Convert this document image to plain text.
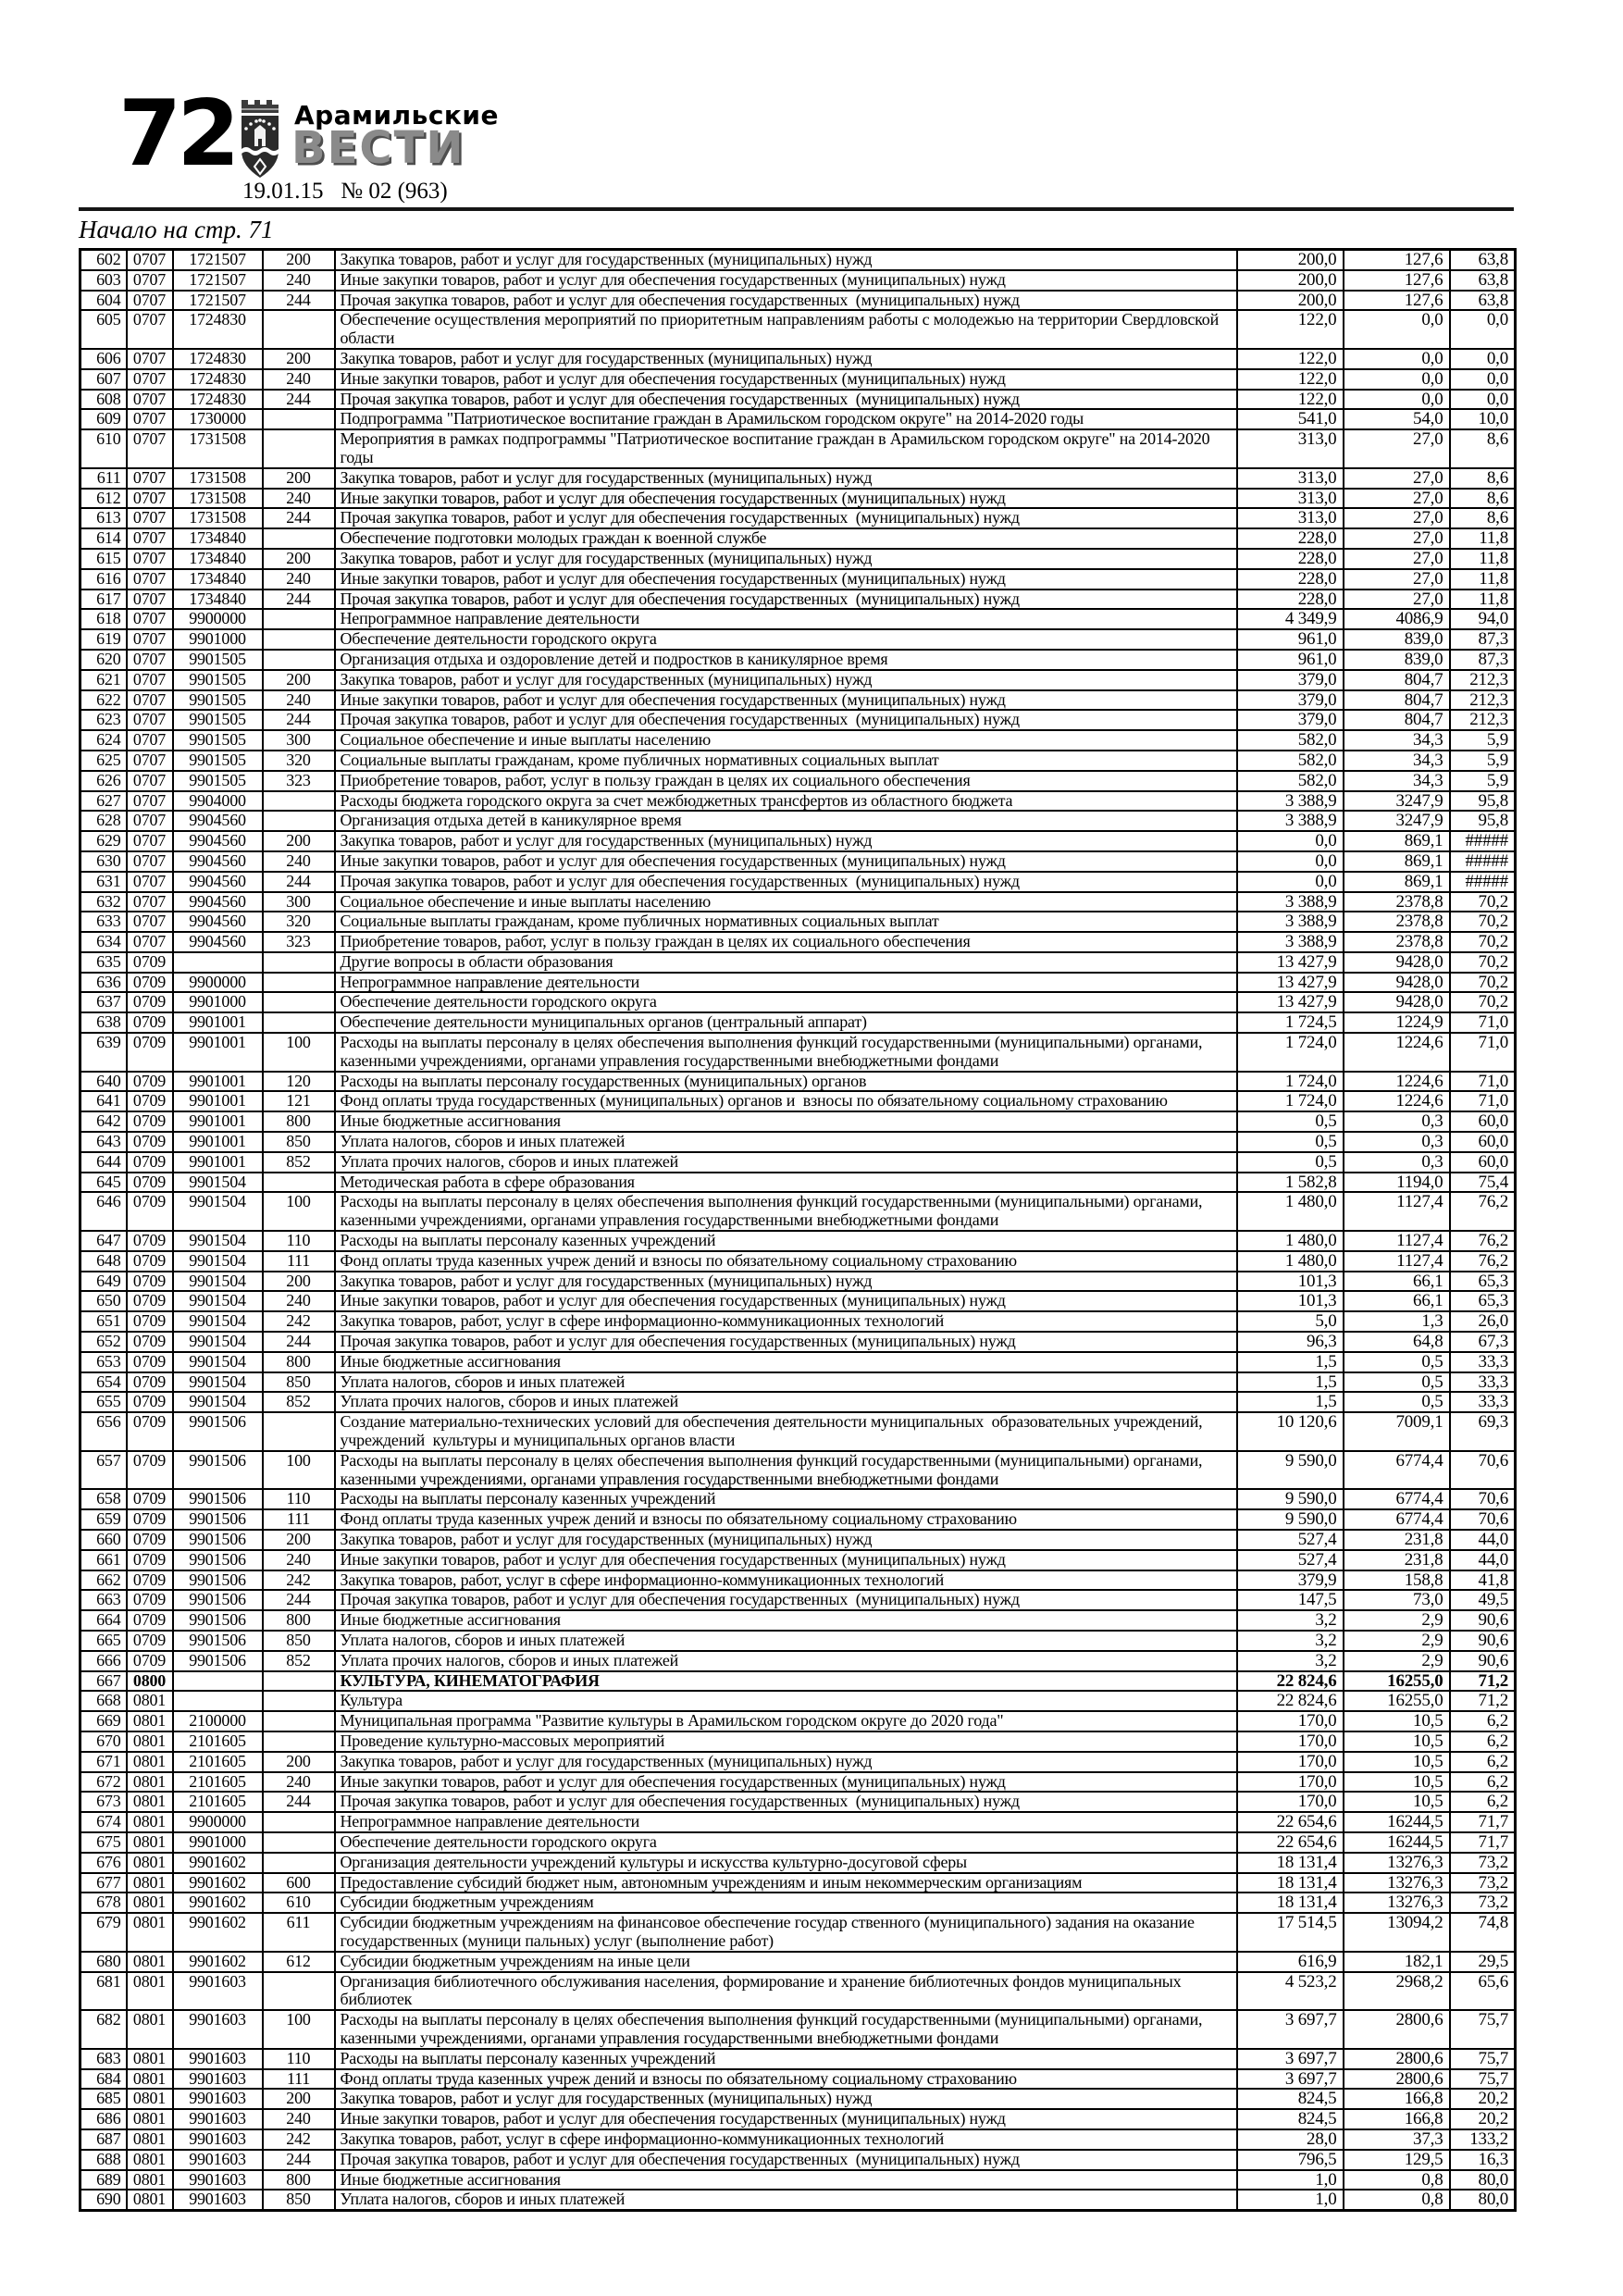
72 Арамильские
ВЕСТИ
19.01.15   № 02 (963)
Начало на стр. 71
602	0707	1721507	200	Закупка товаров, работ и услуг для государственных (муниципальных) нужд	200,0	127,6	63,8
603	0707	1721507	240	Иные закупки товаров, работ и услуг для обеспечения государственных (муниципальных) нужд	200,0	127,6	63,8
604	0707	1721507	244	Прочая закупка товаров, работ и услуг для обеспечения государственных  (муниципальных) нужд	200,0	127,6	63,8
605	0707	1724830		Обеспечение осуществления мероприятий по приоритетным направлениям работы с молодежью на территории Свердловской области	122,0	0,0	0,0
606	0707	1724830	200	Закупка товаров, работ и услуг для государственных (муниципальных) нужд	122,0	0,0	0,0
607	0707	1724830	240	Иные закупки товаров, работ и услуг для обеспечения государственных (муниципальных) нужд	122,0	0,0	0,0
608	0707	1724830	244	Прочая закупка товаров, работ и услуг для обеспечения государственных  (муниципальных) нужд	122,0	0,0	0,0
609	0707	1730000		Подпрограмма "Патриотическое воспитание граждан в Арамильском городском округе" на 2014-2020 годы	541,0	54,0	10,0
610	0707	1731508		Мероприятия в рамках подпрограммы "Патриотическое воспитание граждан в Арамильском городском округе" на 2014-2020 годы	313,0	27,0	8,6
611	0707	1731508	200	Закупка товаров, работ и услуг для государственных (муниципальных) нужд	313,0	27,0	8,6
612	0707	1731508	240	Иные закупки товаров, работ и услуг для обеспечения государственных (муниципальных) нужд	313,0	27,0	8,6
613	0707	1731508	244	Прочая закупка товаров, работ и услуг для обеспечения государственных  (муниципальных) нужд	313,0	27,0	8,6
614	0707	1734840		Обеспечение подготовки молодых граждан к военной службе	228,0	27,0	11,8
615	0707	1734840	200	Закупка товаров, работ и услуг для государственных (муниципальных) нужд	228,0	27,0	11,8
616	0707	1734840	240	Иные закупки товаров, работ и услуг для обеспечения государственных (муниципальных) нужд	228,0	27,0	11,8
617	0707	1734840	244	Прочая закупка товаров, работ и услуг для обеспечения государственных  (муниципальных) нужд	228,0	27,0	11,8
618	0707	9900000		Непрограммное направление деятельности	4 349,9	4086,9	94,0
619	0707	9901000		Обеспечение деятельности городского округа	961,0	839,0	87,3
620	0707	9901505		Организация отдыха и оздоровление детей и подростков в каникулярное время	961,0	839,0	87,3
621	0707	9901505	200	Закупка товаров, работ и услуг для государственных (муниципальных) нужд	379,0	804,7	212,3
622	0707	9901505	240	Иные закупки товаров, работ и услуг для обеспечения государственных (муниципальных) нужд	379,0	804,7	212,3
623	0707	9901505	244	Прочая закупка товаров, работ и услуг для обеспечения государственных  (муниципальных) нужд	379,0	804,7	212,3
624	0707	9901505	300	Социальное обеспечение и иные выплаты населению	582,0	34,3	5,9
625	0707	9901505	320	Социальные выплаты гражданам, кроме публичных нормативных социальных выплат	582,0	34,3	5,9
626	0707	9901505	323	Приобретение товаров, работ, услуг в пользу граждан в целях их социального обеспечения	582,0	34,3	5,9
627	0707	9904000		Расходы бюджета городского округа за счет межбюджетных трансфертов из областного бюджета	3 388,9	3247,9	95,8
628	0707	9904560		Организация отдыха детей в каникулярное время	3 388,9	3247,9	95,8
629	0707	9904560	200	Закупка товаров, работ и услуг для государственных (муниципальных) нужд	0,0	869,1	#####
630	0707	9904560	240	Иные закупки товаров, работ и услуг для обеспечения государственных (муниципальных) нужд	0,0	869,1	#####
631	0707	9904560	244	Прочая закупка товаров, работ и услуг для обеспечения государственных  (муниципальных) нужд	0,0	869,1	#####
632	0707	9904560	300	Социальное обеспечение и иные выплаты населению	3 388,9	2378,8	70,2
633	0707	9904560	320	Социальные выплаты гражданам, кроме публичных нормативных социальных выплат	3 388,9	2378,8	70,2
634	0707	9904560	323	Приобретение товаров, работ, услуг в пользу граждан в целях их социального обеспечения	3 388,9	2378,8	70,2
635	0709			Другие вопросы в области образования	13 427,9	9428,0	70,2
636	0709	9900000		Непрограммное направление деятельности	13 427,9	9428,0	70,2
637	0709	9901000		Обеспечение деятельности городского округа	13 427,9	9428,0	70,2
638	0709	9901001		Обеспечение деятельности муниципальных органов (центральный аппарат)	1 724,5	1224,9	71,0
639	0709	9901001	100	Расходы на выплаты персоналу в целях обеспечения выполнения функций государственными (муниципальными) органами, казенными учреждениями, органами управления государственными внебюджетными фондами	1 724,0	1224,6	71,0
640	0709	9901001	120	Расходы на выплаты персоналу государственных (муниципальных) органов	1 724,0	1224,6	71,0
641	0709	9901001	121	Фонд оплаты труда государственных (муниципальных) органов и  взносы по обязательному социальному страхованию	1 724,0	1224,6	71,0
642	0709	9901001	800	Иные бюджетные ассигнования	0,5	0,3	60,0
643	0709	9901001	850	Уплата налогов, сборов и иных платежей	0,5	0,3	60,0
644	0709	9901001	852	Уплата прочих налогов, сборов и иных платежей	0,5	0,3	60,0
645	0709	9901504		Методическая работа в сфере образования	1 582,8	1194,0	75,4
646	0709	9901504	100	Расходы на выплаты персоналу в целях обеспечения выполнения функций государственными (муниципальными) органами, казенными учреждениями, органами управления государственными внебюджетными фондами	1 480,0	1127,4	76,2
647	0709	9901504	110	Расходы на выплаты персоналу казенных учреждений	1 480,0	1127,4	76,2
648	0709	9901504	111	Фонд оплаты труда казенных учреж дений и взносы по обязательному социальному страхованию	1 480,0	1127,4	76,2
649	0709	9901504	200	Закупка товаров, работ и услуг для государственных (муниципальных) нужд	101,3	66,1	65,3
650	0709	9901504	240	Иные закупки товаров, работ и услуг для обеспечения государственных (муниципальных) нужд	101,3	66,1	65,3
651	0709	9901504	242	Закупка товаров, работ, услуг в сфере информационно-коммуникационных технологий	5,0	1,3	26,0
652	0709	9901504	244	Прочая закупка товаров, работ и услуг для обеспечения государственных (муниципальных) нужд	96,3	64,8	67,3
653	0709	9901504	800	Иные бюджетные ассигнования	1,5	0,5	33,3
654	0709	9901504	850	Уплата налогов, сборов и иных платежей	1,5	0,5	33,3
655	0709	9901504	852	Уплата прочих налогов, сборов и иных платежей	1,5	0,5	33,3
656	0709	9901506		Создание материально-технических условий для обеспечения деятельности муниципальных  образовательных учреждений, учреждений  культуры и муниципальных органов власти	10 120,6	7009,1	69,3
657	0709	9901506	100	Расходы на выплаты персоналу в целях обеспечения выполнения функций государственными (муниципальными) органами, казенными учреждениями, органами управления государственными внебюджетными фондами	9 590,0	6774,4	70,6
658	0709	9901506	110	Расходы на выплаты персоналу казенных учреждений	9 590,0	6774,4	70,6
659	0709	9901506	111	Фонд оплаты труда казенных учреж дений и взносы по обязательному социальному страхованию	9 590,0	6774,4	70,6
660	0709	9901506	200	Закупка товаров, работ и услуг для государственных (муниципальных) нужд	527,4	231,8	44,0
661	0709	9901506	240	Иные закупки товаров, работ и услуг для обеспечения государственных (муниципальных) нужд	527,4	231,8	44,0
662	0709	9901506	242	Закупка товаров, работ, услуг в сфере информационно-коммуникационных технологий	379,9	158,8	41,8
663	0709	9901506	244	Прочая закупка товаров, работ и услуг для обеспечения государственных  (муниципальных) нужд	147,5	73,0	49,5
664	0709	9901506	800	Иные бюджетные ассигнования	3,2	2,9	90,6
665	0709	9901506	850	Уплата налогов, сборов и иных платежей	3,2	2,9	90,6
666	0709	9901506	852	Уплата прочих налогов, сборов и иных платежей	3,2	2,9	90,6
667	0800			КУЛЬТУРА, КИНЕМАТОГРАФИЯ	22 824,6	16255,0	71,2
668	0801			Культура	22 824,6	16255,0	71,2
669	0801	2100000		Муниципальная программа "Развитие культуры в Арамильском городском округе до 2020 года"	170,0	10,5	6,2
670	0801	2101605		Проведение культурно-массовых мероприятий	170,0	10,5	6,2
671	0801	2101605	200	Закупка товаров, работ и услуг для государственных (муниципальных) нужд	170,0	10,5	6,2
672	0801	2101605	240	Иные закупки товаров, работ и услуг для обеспечения государственных (муниципальных) нужд	170,0	10,5	6,2
673	0801	2101605	244	Прочая закупка товаров, работ и услуг для обеспечения государственных  (муниципальных) нужд	170,0	10,5	6,2
674	0801	9900000		Непрограммное направление деятельности	22 654,6	16244,5	71,7
675	0801	9901000		Обеспечение деятельности городского округа	22 654,6	16244,5	71,7
676	0801	9901602		Организация деятельности учреждений культуры и искусства культурно-досуговой сферы	18 131,4	13276,3	73,2
677	0801	9901602	600	Предоставление субсидий бюджет ным, автономным учреждениям и иным некоммерческим организациям	18 131,4	13276,3	73,2
678	0801	9901602	610	Субсидии бюджетным учреждениям	18 131,4	13276,3	73,2
679	0801	9901602	611	Субсидии бюджетным учреждениям на финансовое обеспечение государ ственного (муниципального) задания на оказание государственных (муници пальных) услуг (выполнение работ)	17 514,5	13094,2	74,8
680	0801	9901602	612	Субсидии бюджетным учреждениям на иные цели	616,9	182,1	29,5
681	0801	9901603		Организация библиотечного обслуживания населения, формирование и хранение библиотечных фондов муниципальных библиотек	4 523,2	2968,2	65,6
682	0801	9901603	100	Расходы на выплаты персоналу в целях обеспечения выполнения функций государственными (муниципальными) органами, казенными учреждениями, органами управления государственными внебюджетными фондами	3 697,7	2800,6	75,7
683	0801	9901603	110	Расходы на выплаты персоналу казенных учреждений	3 697,7	2800,6	75,7
684	0801	9901603	111	Фонд оплаты труда казенных учреж дений и взносы по обязательному социальному страхованию	3 697,7	2800,6	75,7
685	0801	9901603	200	Закупка товаров, работ и услуг для государственных (муниципальных) нужд	824,5	166,8	20,2
686	0801	9901603	240	Иные закупки товаров, работ и услуг для обеспечения государственных (муниципальных) нужд	824,5	166,8	20,2
687	0801	9901603	242	Закупка товаров, работ, услуг в сфере информационно-коммуникационных технологий	28,0	37,3	133,2
688	0801	9901603	244	Прочая закупка товаров, работ и услуг для обеспечения государственных  (муниципальных) нужд	796,5	129,5	16,3
689	0801	9901603	800	Иные бюджетные ассигнования	1,0	0,8	80,0
690	0801	9901603	850	Уплата налогов, сборов и иных платежей	1,0	0,8	80,0
